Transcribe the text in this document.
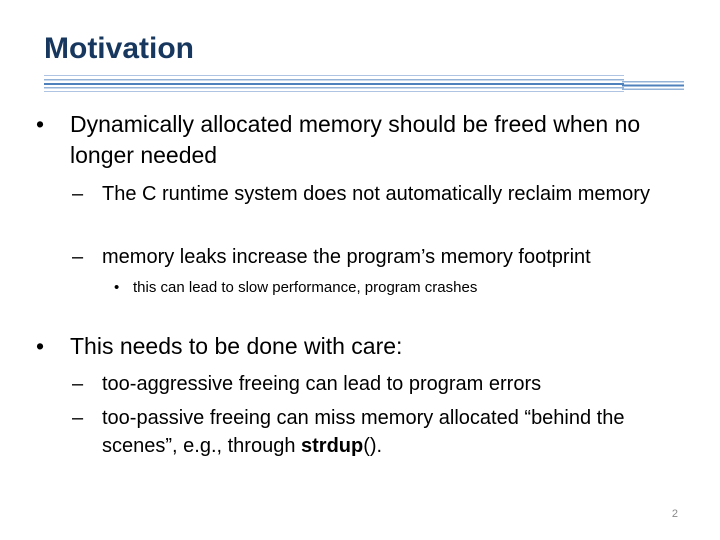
Motivation
• Dynamically allocated memory should be freed when no longer needed
– The C runtime system does not automatically reclaim memory
– memory leaks increase the program’s memory footprint
• this can lead to slow performance, program crashes
• This needs to be done with care:
– too-aggressive freeing can lead to program errors
– too-passive freeing can miss memory allocated “behind the scenes”, e.g., through strdup().
2
